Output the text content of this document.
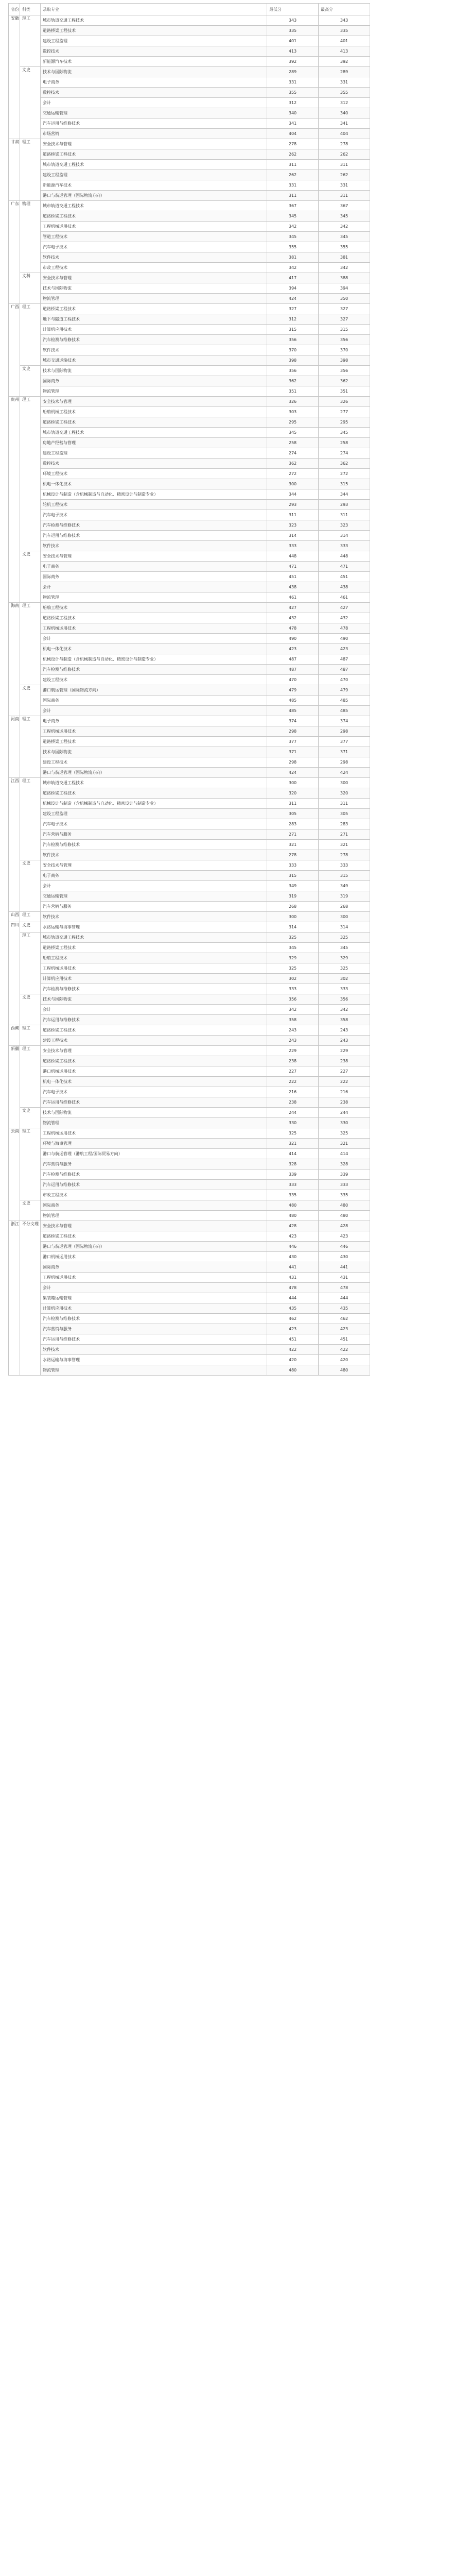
省份	科类	录取专业	最低分	最高分
安徽	理工	城市轨道交通工程技术	343	343
		道路桥梁工程技术	335	335
		建设工程监理	401	401
		数控技术	413	413
		新能源汽车技术	392	392
	文史	技术与国际物流	289	289
		电子商务	331	331
		数控技术	355	355
		会计	312	312
		交通运输管理	340	340
		汽车运用与维修技术	341	341
		市场营销	404	404
甘肃	理工	安全技术与管理	278	278
		道路桥梁工程技术	262	262
		城市轨道交通工程技术	311	311
		建设工程监理	262	262
		新能源汽车技术	331	331
		港口与航运管理（国际物流方向）	311	311
广东	物理	城市轨道交通工程技术	367	367
		道路桥梁工程技术	345	345
		工程机械运用技术	342	342
		管道工程技术	345	345
		汽车电子技术	355	355
		软件技术	381	381
		市政工程技术	342	342
	文科	安全技术与管理	417	388
		技术与国际物流	394	394
		物流管理	424	350
广西	理工	道路桥梁工程技术	327	327
		地下与隧道工程技术	312	327
		计算机应用技术	315	315
		汽车检测与维修技术	356	356
		软件技术	370	370
		城市交通运输技术	398	398
	文史	技术与国际物流	356	356
		国际商务	362	362
		物流管理	351	351
贵州	理工	安全技术与管理	326	326
		船舶机械工程技术	303	277
		道路桥梁工程技术	295	295
		城市轨道交通工程技术	345	345
		房地产经营与管理	258	258
		建设工程监理	274	274
		数控技术	362	362
		环境工程技术	272	272
		机电一体化技术	300	315
		机械设计与制造（含机械制造与自动化、精密设计与制造专业）	344	344
		轮机工程技术	293	293
		汽车电子技术	311	311
		汽车检测与维修技术	323	323
		汽车运用与维修技术	314	314
		软件技术	333	333
	文史	安全技术与管理	448	448
		电子商务	471	471
		国际商务	451	451
		会计	438	438
		物流管理	461	461
海南	理工	船舶工程技术	427	427
		道路桥梁工程技术	432	432
		工程机械运用技术	478	478
		会计	490	490
		机电一体化技术	423	423
		机械设计与制造（含机械制造与自动化、精密设计与制造专业）	487	487
		汽车检测与维修技术	487	487
		建设工程技术	470	470
	文史	港口航运管理（国际物流方向）	479	479
		国际商务	485	485
		会计	485	485
河南	理工	电子商务	374	374
		工程机械运用技术	298	298
		道路桥梁工程技术	377	377
		技术与国际物流	371	371
		建设工程技术	298	298
		港口与航运管理（国际物流方向）	424	424
江西	理工	城市轨道交通工程技术	300	300
		道路桥梁工程技术	320	320
		机械设计与制造（含机械制造与自动化、精密设计与制造专业）	311	311
		建设工程监理	305	305
		汽车电子技术	283	283
		汽车营销与服务	271	271
		汽车检测与维修技术	321	321
		软件技术	278	278
	文史	安全技术与管理	333	333
		电子商务	315	315
		会计	349	349
		交通运输管理	319	319
		汽车营销与服务	268	268
山西	理工	软件技术	300	300
四川	文史	水路运输与海事管理	314	314
	理工	城市轨道交通工程技术	325	325
		道路桥梁工程技术	345	345
		船舶工程技术	329	329
		工程机械运用技术	325	325
		计算机应用技术	302	302
		汽车检测与维修技术	333	333
	文史	技术与国际物流	356	356
		会计	342	342
		汽车运用与维修技术	358	358
西藏	理工	道路桥梁工程技术	243	243
		建设工程技术	243	243
新疆	理工	安全技术与管理	229	229
		道路桥梁工程技术	238	238
		港口机械运用技术	227	227
		机电一体化技术	222	222
		汽车电子技术	216	216
		汽车运用与维修技术	238	238
	文史	技术与国际物流	244	244
		物流管理	330	330
云南	理工	工程机械运用技术	325	325
		环境与海事管理	321	321
		港口与航运管理（港航工程/国际贸易方向）	414	414
		汽车营销与服务	328	328
		汽车检测与维修技术	339	339
		汽车运用与维修技术	333	333
		市政工程技术	335	335
	文史	国际商务	480	480
		物流管理	480	480
浙江	不分文理	安全技术与管理	428	428
		道路桥梁工程技术	423	423
		港口与航运管理（国际物流方向）	446	446
		港口机械运用技术	430	430
		国际商务	441	441
		工程机械运用技术	431	431
		会计	478	478
		集装箱运输管理	444	444
		计算机应用技术	435	435
		汽车检测与维修技术	462	462
		汽车营销与服务	423	423
		汽车运用与维修技术	451	451
		软件技术	422	422
		水路运输与海事管理	420	420
		物流管理	480	480
